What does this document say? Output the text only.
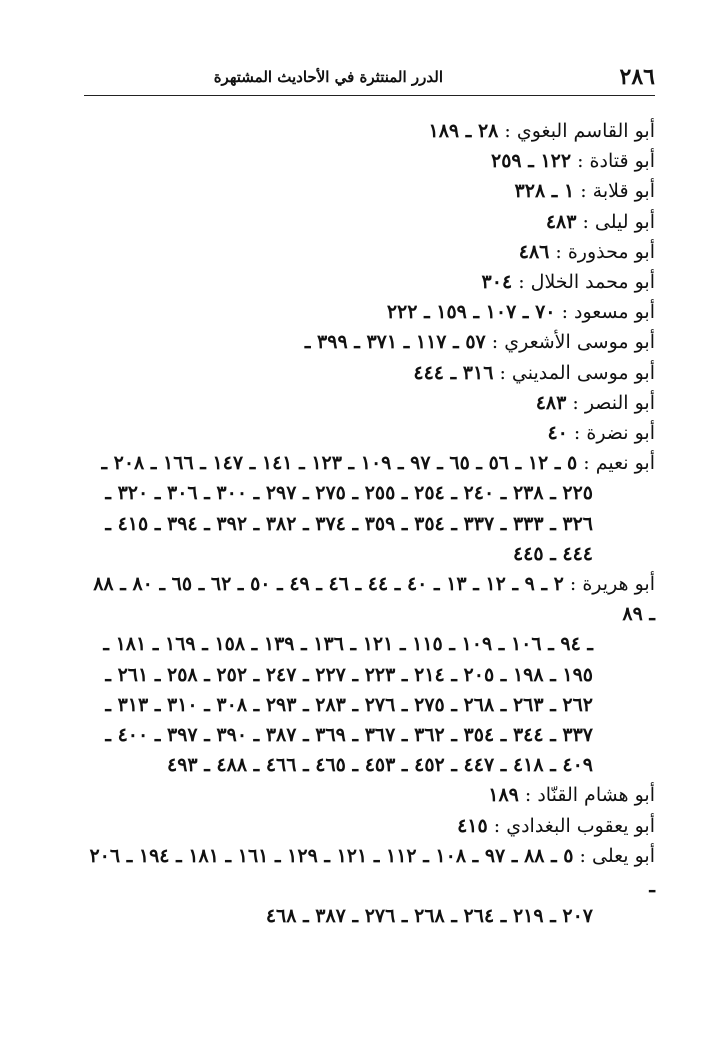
٢٨٦
الدرر المنتثرة في الأحاديث المشتهرة
أبو القاسم البغوي : ٢٨ ـ ١٨٩
أبو قتادة : ١٢٢ ـ ٢٥٩
أبو قلابة : ١ ـ ٣٢٨
أبو ليلى : ٤٨٣
أبو محذورة : ٤٨٦
أبو محمد الخلال : ٣٠٤
أبو مسعود : ٧٠ ـ ١٠٧ ـ ١٥٩ ـ ٢٢٢
أبو موسى الأشعري : ٥٧ ـ ١١٧ ـ ٣٧١ ـ ٣٩٩ ـ
أبو موسى المديني : ٣١٦ ـ ٤٤٤
أبو النصر : ٤٨٣
أبو نضرة : ٤٠
أبو نعيم : ٥ ـ ١٢ ـ ٥٦ ـ ٦٥ ـ ٩٧ ـ ١٠٩ ـ ١٢٣ ـ ١٤١ ـ ١٤٧ ـ ١٦٦ ـ ٢٠٨ ـ
٢٢٥ ـ ٢٣٨ ـ ٢٤٠ ـ ٢٥٤ ـ ٢٥٥ ـ ٢٧٥ ـ ٢٩٧ ـ ٣٠٠ ـ ٣٠٦ ـ ٣٢٠ ـ
٣٢٦ ـ ٣٣٣ ـ ٣٣٧ ـ ٣٥٤ ـ ٣٥٩ ـ ٣٧٤ ـ ٣٨٢ ـ ٣٩٢ ـ ٣٩٤ ـ ٤١٥ ـ
٤٤٤ ـ ٤٤٥
أبو هريرة : ٢ ـ ٩ ـ ١٢ ـ ١٣ ـ ٤٠ ـ ٤٤ ـ ٤٦ ـ ٤٩ ـ ٥٠ ـ ٦٢ ـ ٦٥ ـ ٨٠ ـ ٨٨ ـ ٨٩
ـ ٩٤ ـ ١٠٦ ـ ١٠٩ ـ ١١٥ ـ ١٢١ ـ ١٣٦ ـ ١٣٩ ـ ١٥٨ ـ ١٦٩ ـ ١٨١ ـ
١٩٥ ـ ١٩٨ ـ ٢٠٥ ـ ٢١٤ ـ ٢٢٣ ـ ٢٢٧ ـ ٢٤٧ ـ ٢٥٢ ـ ٢٥٨ ـ ٢٦١ ـ
٢٦٢ ـ ٢٦٣ ـ ٢٦٨ ـ ٢٧٥ ـ ٢٧٦ ـ ٢٨٣ ـ ٢٩٣ ـ ٣٠٨ ـ ٣١٠ ـ ٣١٣ ـ
٣٣٧ ـ ٣٤٤ ـ ٣٥٤ ـ ٣٦٢ ـ ٣٦٧ ـ ٣٦٩ ـ ٣٨٧ ـ ٣٩٠ ـ ٣٩٧ ـ ٤٠٠ ـ
٤٠٩ ـ ٤١٨ ـ ٤٤٧ ـ ٤٥٢ ـ ٤٥٣ ـ ٤٦٥ ـ ٤٦٦ ـ ٤٨٨ ـ ٤٩٣
أبو هشام القنّاد : ١٨٩
أبو يعقوب البغدادي : ٤١٥
أبو يعلى : ٥ ـ ٨٨ ـ ٩٧ ـ ١٠٨ ـ ١١٢ ـ ١٢١ ـ ١٢٩ ـ ١٦١ ـ ١٨١ ـ ١٩٤ ـ ٢٠٦ ـ
٢٠٧ ـ ٢١٩ ـ ٢٦٤ ـ ٢٦٨ ـ ٢٧٦ ـ ٣٨٧ ـ ٤٦٨
